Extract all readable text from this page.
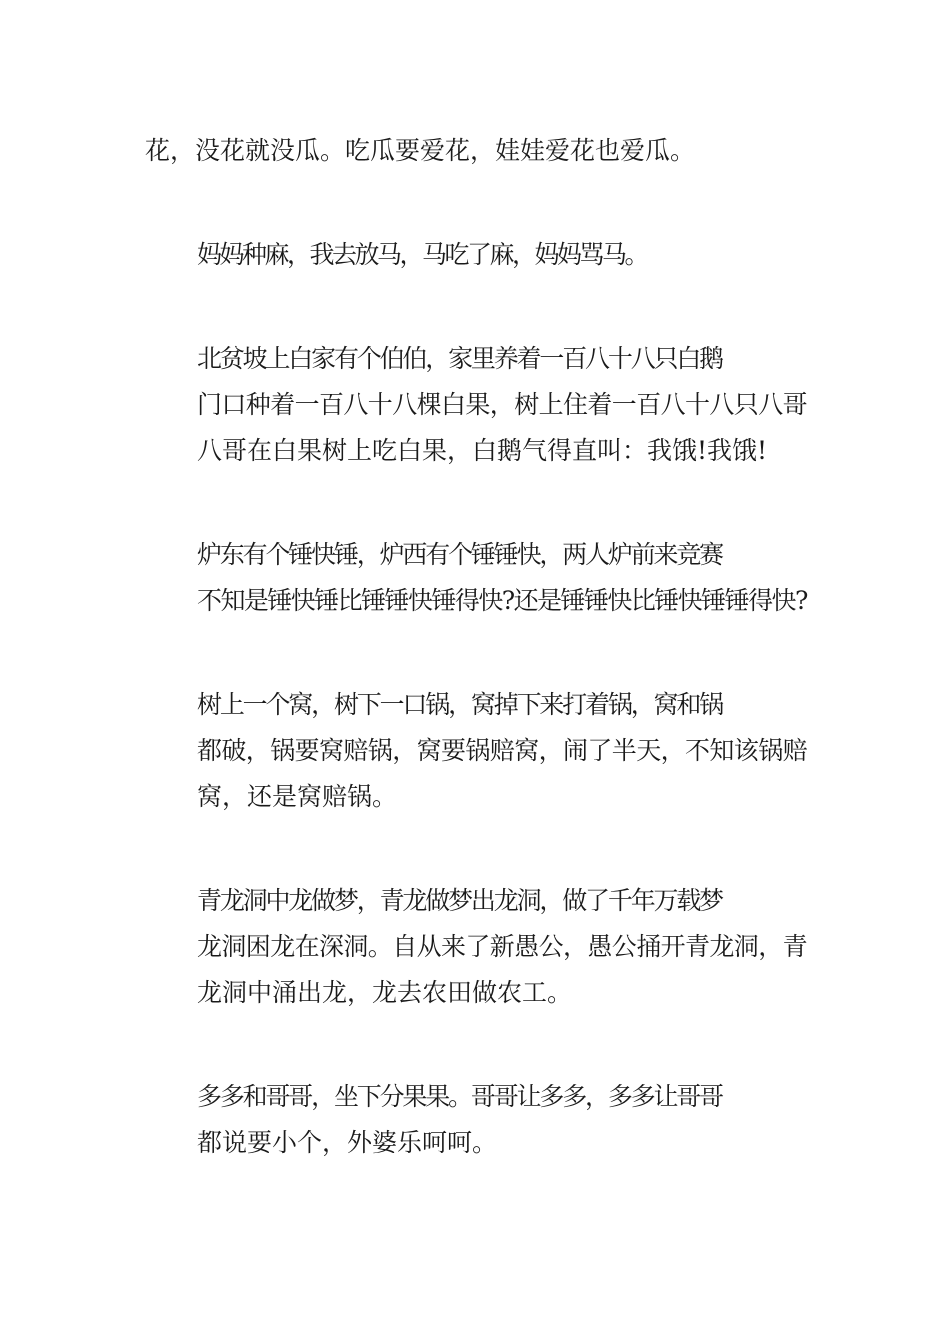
花，没花就没瓜。吃瓜要爱花，娃娃爱花也爱瓜。

妈妈种麻，我去放马，马吃了麻，妈妈骂马。

北贫坡上白家有个伯伯，家里养着一百八十八只白鹅
门口种着一百八十八棵白果，树上住着一百八十八只八哥
八哥在白果树上吃白果，白鹅气得直叫：我饿!我饿!

炉东有个锤快锤，炉西有个锤锤快，两人炉前来竞赛
不知是锤快锤比锤锤快锤得快?还是锤锤快比锤快锤锤得快?

树上一个窝，树下一口锅，窝掉下来打着锅，窝和锅
都破，锅要窝赔锅，窝要锅赔窝，闹了半天，不知该锅赔
窝，还是窝赔锅。

青龙洞中龙做梦，青龙做梦出龙洞，做了千年万载梦
龙洞困龙在深洞。自从来了新愚公，愚公捅开青龙洞，青
龙洞中涌出龙，龙去农田做农工。

多多和哥哥，坐下分果果。哥哥让多多，多多让哥哥
都说要小个，外婆乐呵呵。
